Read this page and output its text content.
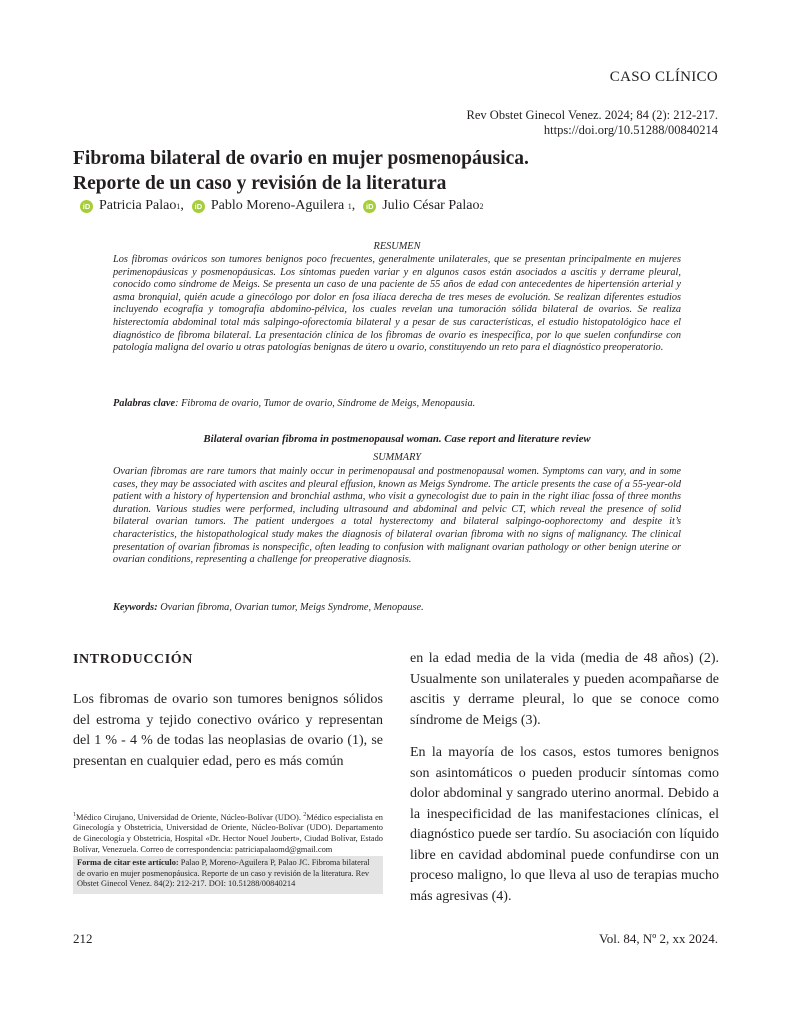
CASO CLÍNICO
Rev Obstet Ginecol Venez. 2024; 84 (2): 212-217.
https://doi.org/10.51288/00840214
Fibroma bilateral de ovario en mujer posmenopáusica.
Reporte de un caso y revisión de la literatura
iD Patricia Palao 1 ,	iD Pablo Moreno-Aguilera
1 ,	iD Julio César Palao 2
RESUMEN
Los fibromas ováricos son tumores benignos poco frecuentes, generalmente unilaterales, que se presentan principalmente en mujeres perimenopáusicas y posmenopáusicas. Los síntomas pueden variar y en algunos casos están asociados a ascitis y derrame pleural, conocido como síndrome de Meigs. Se presenta un caso de una paciente de 55 años de edad con antecedentes de hipertensión arterial y asma bronquial, quién acude a ginecólogo por dolor en fosa ilíaca derecha de tres meses de evolución. Se realizan diferentes estudios incluyendo ecografía y tomografía abdomino-pélvica, los cuales revelan una tumoración sólida bilateral de ovarios. Se realiza histerectomía abdominal total más salpingo-oforectomía bilateral y a pesar de sus características, el estudio histopatológico hace el diagnóstico de fibroma bilateral. La presentación clínica de los fibromas de ovario es inespecífica, por lo que suelen confundirse con patología maligna del ovario u otras patologías benignas de útero u ovario, constituyendo un reto para el diagnóstico preoperatorio.
Palabras clave: Fibroma de ovario, Tumor de ovario, Síndrome de Meigs, Menopausia.
Bilateral ovarian fibroma in postmenopausal woman. Case report and literature review
SUMMARY
Ovarian fibromas are rare tumors that mainly occur in perimenopausal and postmenopausal women. Symptoms can vary, and in some cases, they may be associated with ascites and pleural effusion, known as Meigs Syndrome. The article presents the case of a 55-year-old patient with a history of hypertension and bronchial asthma, who visit a gynecologist due to pain in the right iliac fossa of three months duration. Various studies were performed, including ultrasound and abdominal and pelvic CT, which reveal the presence of solid bilateral ovarian tumors. The patient undergoes a total hysterectomy and bilateral salpingo-oophorectomy and despite it’s characteristics, the histopathological study makes the diagnosis of bilateral ovarian fibroma with no signs of malignancy. The clinical presentation of ovarian fibromas is nonspecific, often leading to confusion with malignant ovarian pathology or other benign uterine or ovarian conditions, representing a challenge for preoperative diagnosis.
Keywords: Ovarian fibroma, Ovarian tumor, Meigs Syndrome, Menopause.
INTRODUCCIÓN
Los fibromas de ovario son tumores benignos sólidos del estroma y tejido conectivo ovárico y representan del 1 % - 4 % de todas las neoplasias de ovario (1), se presentan en cualquier edad, pero es más común
en la edad media de la vida (media de 48 años) (2). Usualmente son unilaterales y pueden acompañarse de ascitis y derrame pleural, lo que se conoce como síndrome de Meigs (3).
En la mayoría de los casos, estos tumores benignos son asintomáticos o pueden producir síntomas como dolor abdominal y sangrado uterino anormal. Debido a la inespecificidad de las manifestaciones clínicas, el diagnóstico puede ser tardío. Su asociación con líquido libre en cavidad abdominal puede confundirse con un proceso maligno, lo que lleva al uso de terapias mucho más agresivas (4).
$^1$Médico Cirujano, Universidad de Oriente, Núcleo-Bolívar (UDO). $^2$Médico especialista en Ginecología y Obstetricia, Universidad de Oriente, Núcleo-Bolívar (UDO). Departamento de Ginecología y Obstetricia, Hospital «Dr. Hector Nouel Joubert», Ciudad Bolívar, Estado Bolívar, Venezuela. Correo de correspondencia: patriciapalaomd@gmail.com
Forma de citar este artículo: Palao P, Moreno-Aguilera P, Palao JC. Fibroma bilateral de ovario en mujer posmenopáusica. Reporte de un caso y revisión de la literatura. Rev Obstet Ginecol Venez. 84(2): 212-217. DOI: 10.51288/00840214
212	Vol. 84, Nº 2, xx 2024.
